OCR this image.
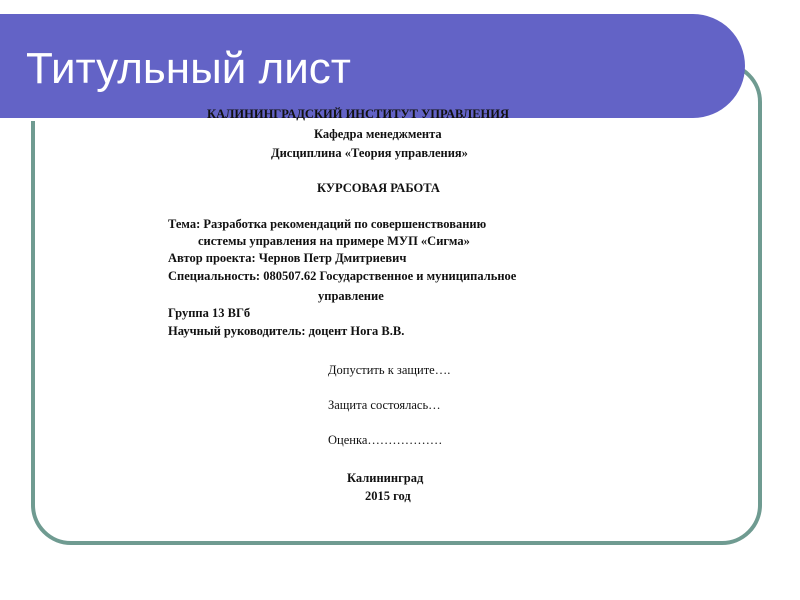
Титульный лист
КАЛИНИНГРАДСКИЙ ИНСТИТУТ УПРАВЛЕНИЯ
Кафедра менеджмента
Дисциплина «Теория управления»
КУРСОВАЯ РАБОТА
Тема: Разработка рекомендаций по совершенствованию
системы управления на примере МУП «Сигма»
Автор проекта: Чернов Петр Дмитриевич
Специальность: 080507.62 Государственное и муниципальное
управление
Группа 13 ВГб
Научный руководитель: доцент Нога В.В.
Допустить к защите….
Защита состоялась…
Оценка………………
Калининград
2015 год
